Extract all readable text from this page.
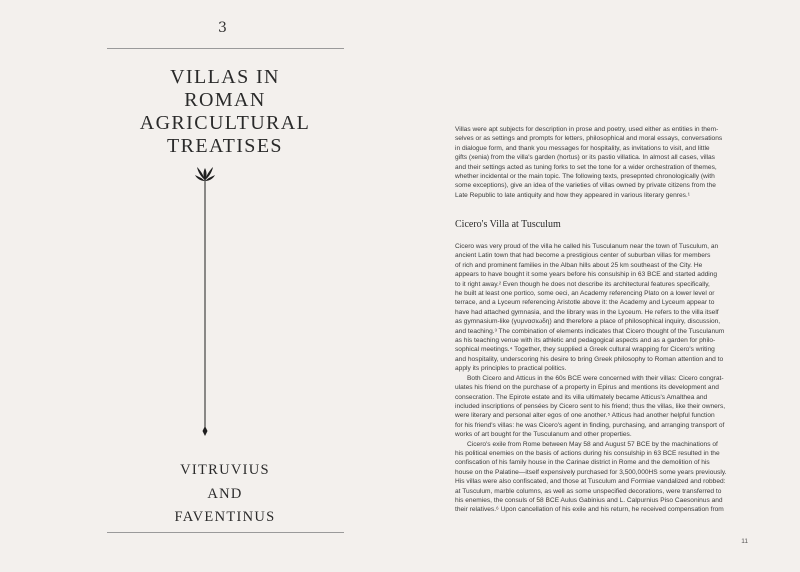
3
VILLAS IN
ROMAN
AGRICULTURAL
TREATISES
VITRUVIUS
AND
FAVENTINUS

Villas were apt subjects for description in prose and poetry, used either as entities in them-

selves or as settings and prompts for letters, philosophical and moral essays, conversations

in dialogue form, and thank you messages for hospitality, as invitations to visit, and little

gifts (xenia) from the villa's garden (hortus) or its pastio villatica. In almost all cases, villas

and their settings acted as tuning forks to set the tone for a wider orchestration of themes,

whether incidental or the main topic. The following texts, presepnted chronologically (with

some exceptions), give an idea of the varieties of villas owned by private citizens from the

Late Republic to late antiquity and how they appeared in various literary genres.¹

Cicero's Villa at Tusculum

Cicero was very proud of the villa he called his Tusculanum near the town of Tusculum, an

ancient Latin town that had become a prestigious center of suburban villas for members

of rich and prominent families in the Alban hills about 25 km southeast of the City. He

appears to have bought it some years before his consulship in 63 BCE and started adding

to it right away.² Even though he does not describe its architectural features specifically,

he built at least one portico, some oeci, an Academy referencing Plato on a lower level or

terrace, and a Lyceum referencing Aristotle above it: the Academy and Lyceum appear to

have had attached gymnasia, and the library was in the Lyceum. He refers to the villa itself

as gymnasium-like (γυμνασιωδη) and therefore a place of philosophical inquiry, discussion,

and teaching.³ The combination of elements indicates that Cicero thought of the Tusculanum

as his teaching venue with its athletic and pedagogical aspects and as a garden for philo-

sophical meetings.⁴ Together, they supplied a Greek cultural wrapping for Cicero's writing

and hospitality, underscoring his desire to bring Greek philosophy to Roman attention and to

apply its principles to practical politics.

Both Cicero and Atticus in the 60s BCE were concerned with their villas: Cicero congrat-

ulates his friend on the purchase of a property in Epirus and mentions its development and

consecration. The Epirote estate and its villa ultimately became Atticus's Amalthea and

included inscriptions of pensées by Cicero sent to his friend; thus the villas, like their owners,

were literary and personal alter egos of one another.⁵ Atticus had another helpful function

for his friend's villas: he was Cicero's agent in finding, purchasing, and arranging transport of

works of art bought for the Tusculanum and other properties.

Cicero's exile from Rome between May 58 and August 57 BCE by the machinations of

his political enemies on the basis of actions during his consulship in 63 BCE resulted in the

confiscation of his family house in the Carinae district in Rome and the demolition of his

house on the Palatine—itself expensively purchased for 3,500,000HS some years previously.

His villas were also confiscated, and those at Tusculum and Formiae vandalized and robbed:

at Tusculum, marble columns, as well as some unspecified decorations, were transferred to

his enemies, the consuls of 58 BCE Aulus Gabinius and L. Calpurnius Piso Caesoninus and

their relatives.⁶ Upon cancellation of his exile and his return, he received compensation from

11
